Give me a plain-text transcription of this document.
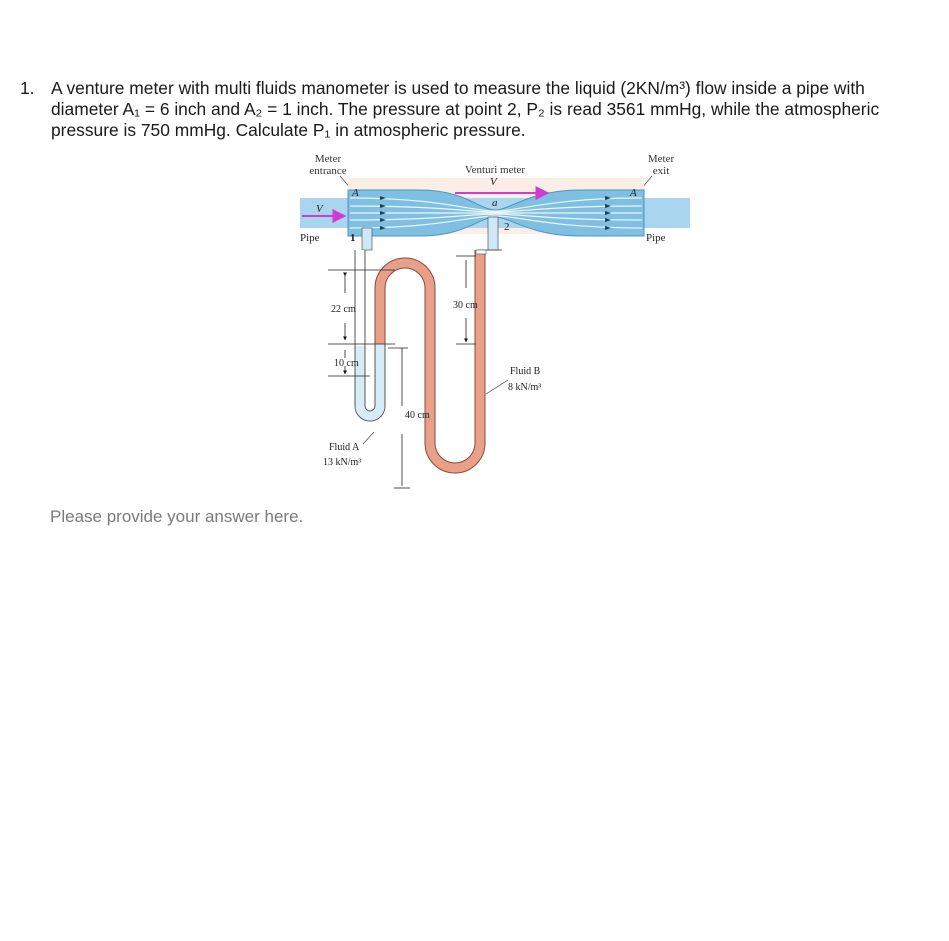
1. A venture meter with multi fluids manometer is used to measure the liquid (2KN/m³) flow inside a pipe with diameter A₁ = 6 inch and A₂ = 1 inch. The pressure at point 2, P₂ is read 3561 mmHg, while the atmospheric pressure is 750 mmHg. Calculate P₁ in atmospheric pressure.
Meter
entrance	Venturi meter
Meter
exit
V
V
A	A
a
Pipe	Pipe
1
2
22 cm
10 cm
30 cm
40 cm
Fluid A
13 kN/m³
Fluid B
8 kN/m³
Please provide your answer here.
